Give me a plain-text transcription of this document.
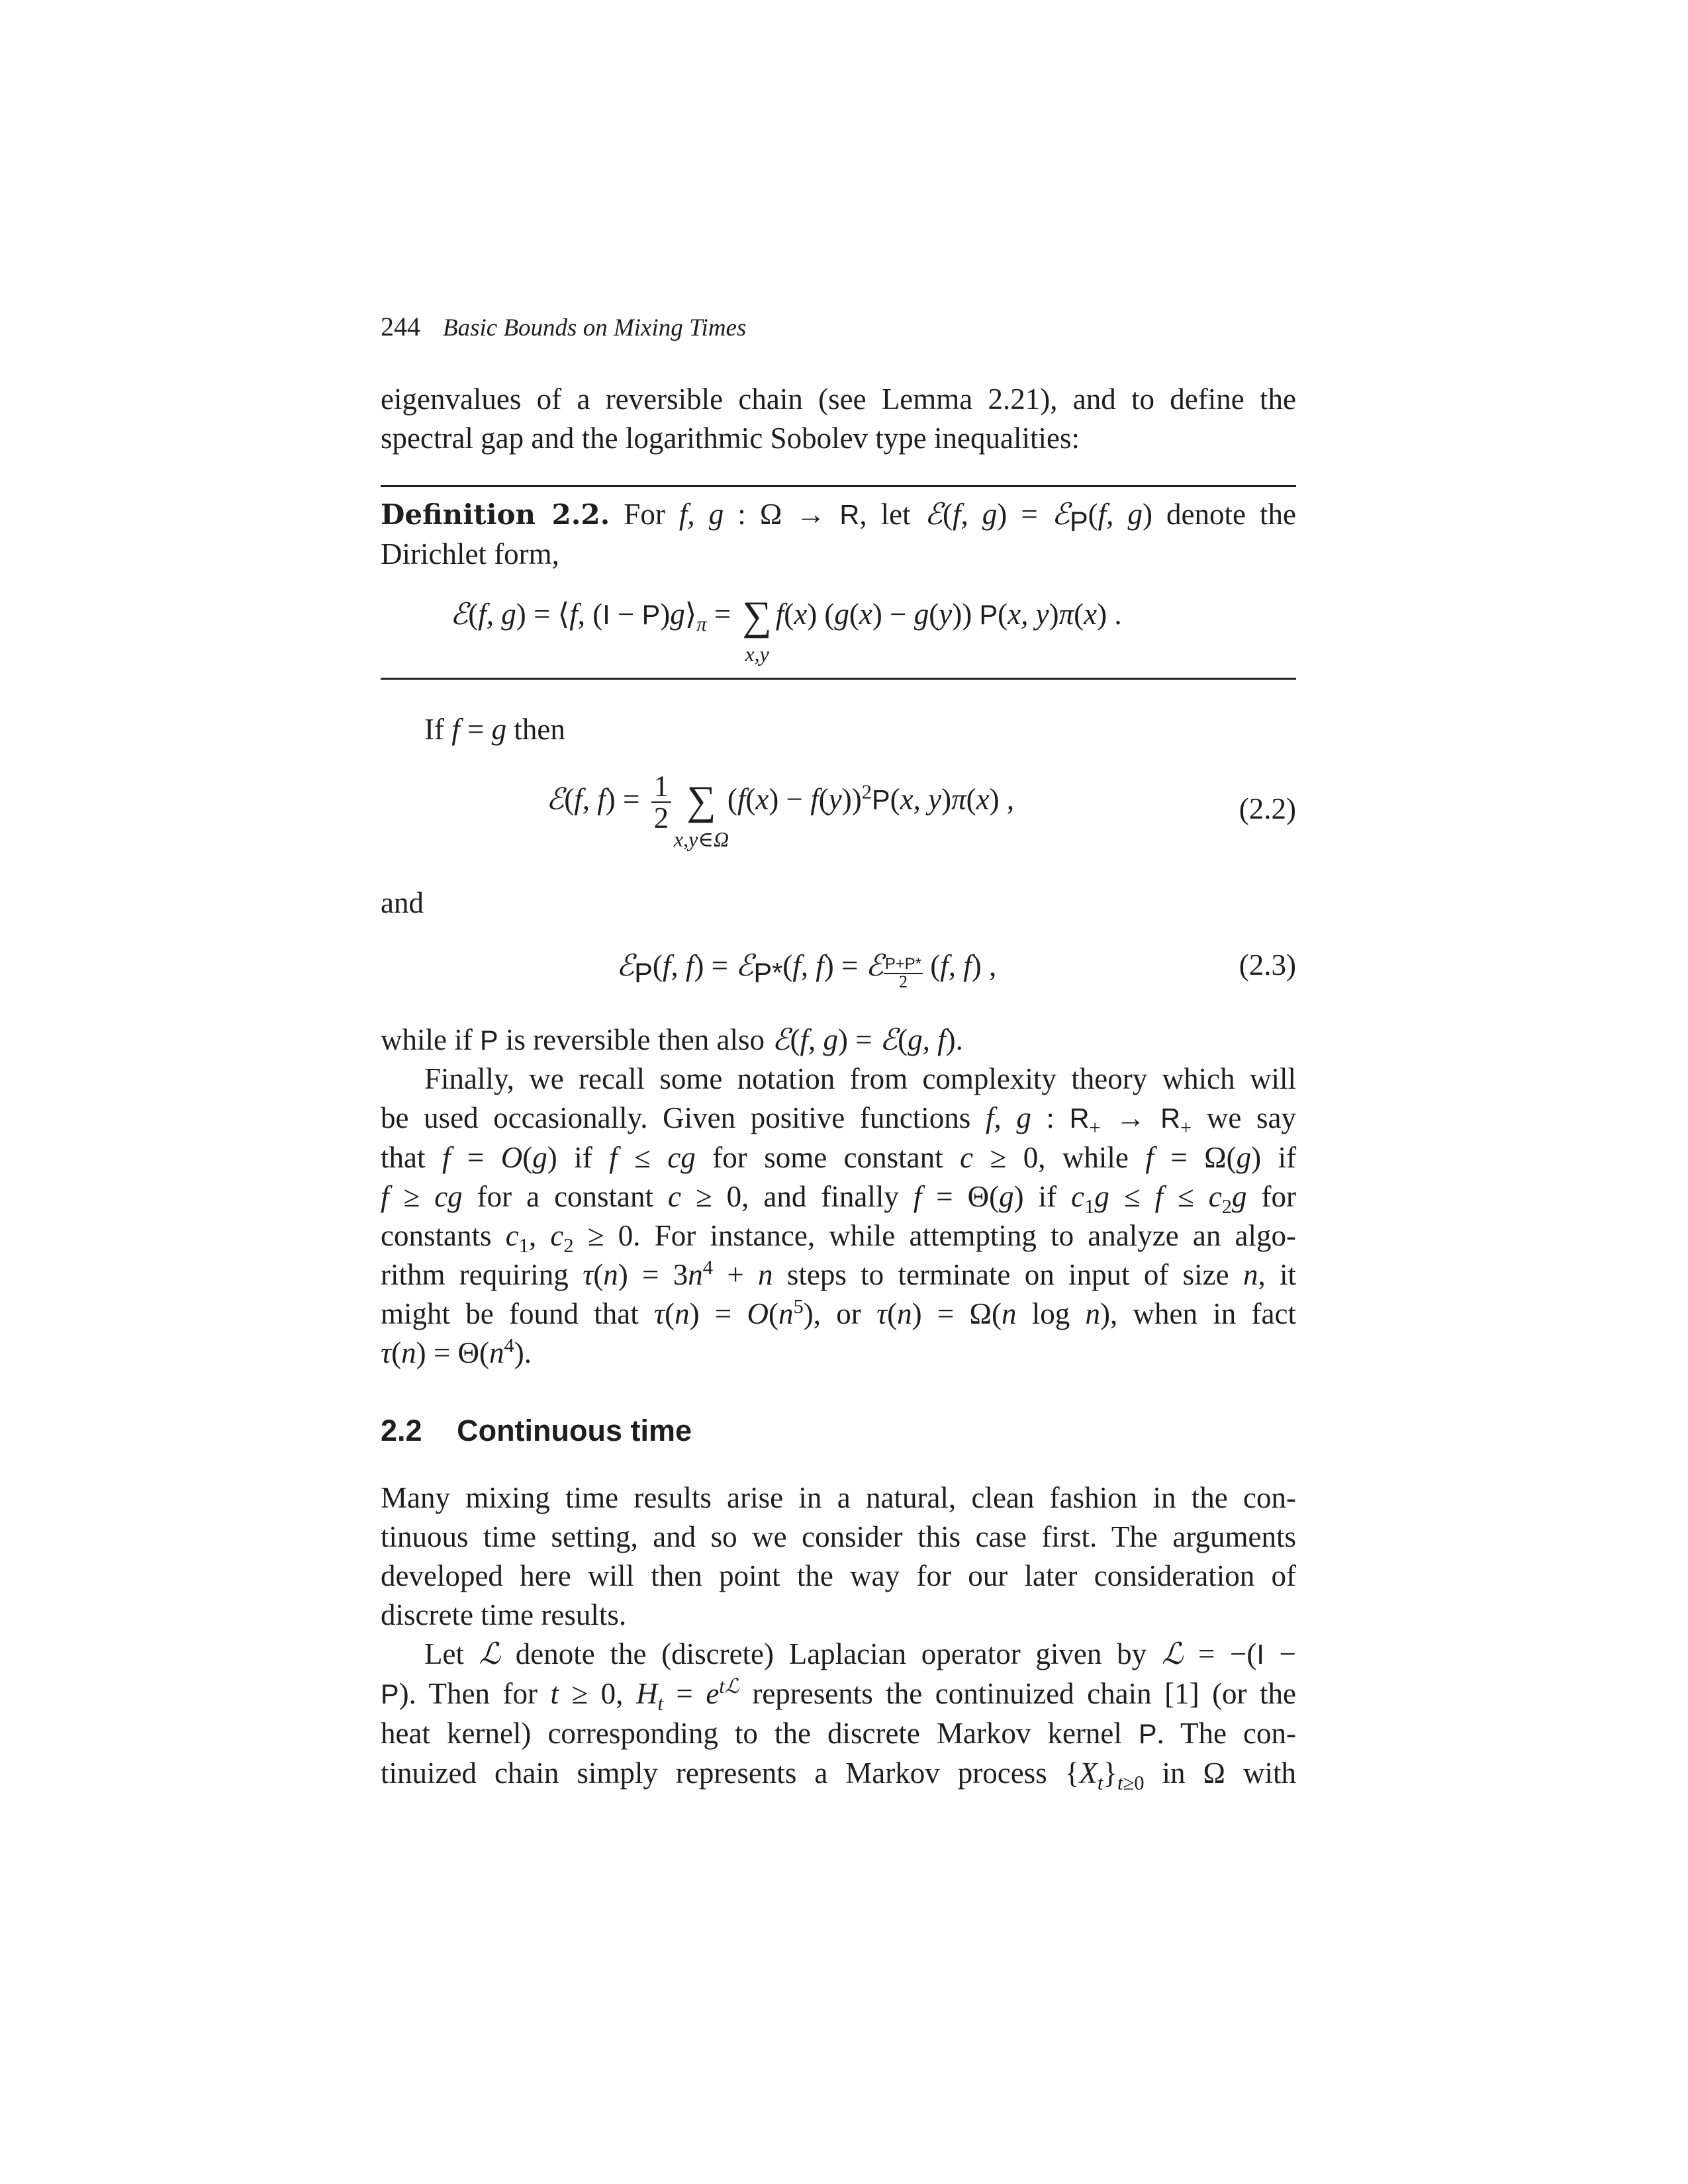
244 Basic Bounds on Mixing Times
eigenvalues of a reversible chain (see Lemma 2.21), and to define the
spectral gap and the logarithmic Sobolev type inequalities:
Definition 2.2. For f, g : Ω → R, let ℰ(f, g) = ℰ$_P$(f, g) denote the
Dirichlet form,
ℰ(f, g) = ⟨f, $(I - P)g⟩_\pi$ = ∑
x,y
f(x) (g(x) − g(y)) P(x, y)π(x) .
If f = g then
ℰ(f, $f) = \frac{1}{2}$ ∑
x,y∈Ω
$(f(x) - f(y))^2P(x$, y)π(x) ,	(2.2)
and
ℰ$_P$(f, f) = ℰ$_{P*}$(f, f) = ℰ $\frac{P+P*}{2} (f$, f) ,	(2.3)
while if P is reversible then also ℰ(f, g) = ℰ(g, f).
Finally, we recall some notation from complexity theory which will
be used occasionally. Given positive functions f, g : $R_+ \to R_+$ we say
that f = O(g) if f ≤ cg for some constant c ≥ 0, while f = Ω(g) if
f ≥ cg for a constant c ≥ 0, and finally f = Θ(g) if $c_1g \le f \le c_2g$ for
constants $c_1$, $c_2 \ge 0$. For instance, while attempting to analyze an algo-
rithm requiring $\tau(n) = 3n^4 + n$ steps to terminate on input of size n, it
might be found that $\tau(n) = O(n^5)$, or τ(n) = Ω(n log n), when in fact
$\tau(n) = \Theta(n^4)$.
2.2 Continuous time
Many mixing time results arise in a natural, clean fashion in the con-
tinuous time setting, and so we consider this case first. The arguments
developed here will then point the way for our later consideration of
discrete time results.
Let ℒ denote the (discrete) Laplacian operator given by ℒ = −(I −
P). Then for t ≥ 0, $H_t = e^{tℒ}$ represents the continuized chain [1] (or the
heat kernel) corresponding to the discrete Markov kernel P. The con-
tinuized chain simply represents a Markov process $\{X_t\}_{t\ge 0}$ in Ω with
